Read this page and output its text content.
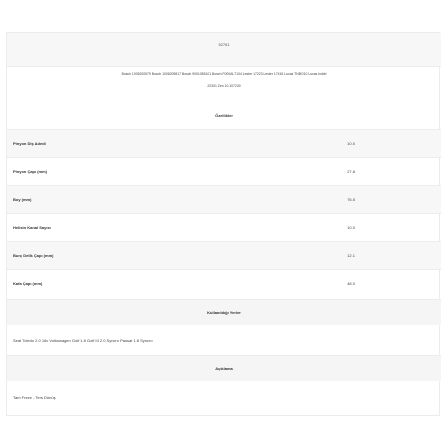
52761
Bosch 1005200579 Bosch 1006209817 Bosch 9001085101 Bosch F000AL7104 Lester 17223 Lester 17416 Lucas TNBO10 Lucas Indiel
22301 Zen 10.107230
Özellikler
Pinyon Diş Adedi	10.0
Pinyon Çapı (mm)	27.8
Boy (mm)	76.5
Helisin Kanal Sayısı	10.0
Burç Delik Çapı (mm)	12.1
Kafa Çapı (mm)	48.0
Kullanıldığı Yerler
Seat Toledo 2.0 16v Volkswagen Golf 1.8 Golf III 2.0 Syncro Passat 1.8 Syncro
Açıklama
Tam Freze - Ters Dönüş
